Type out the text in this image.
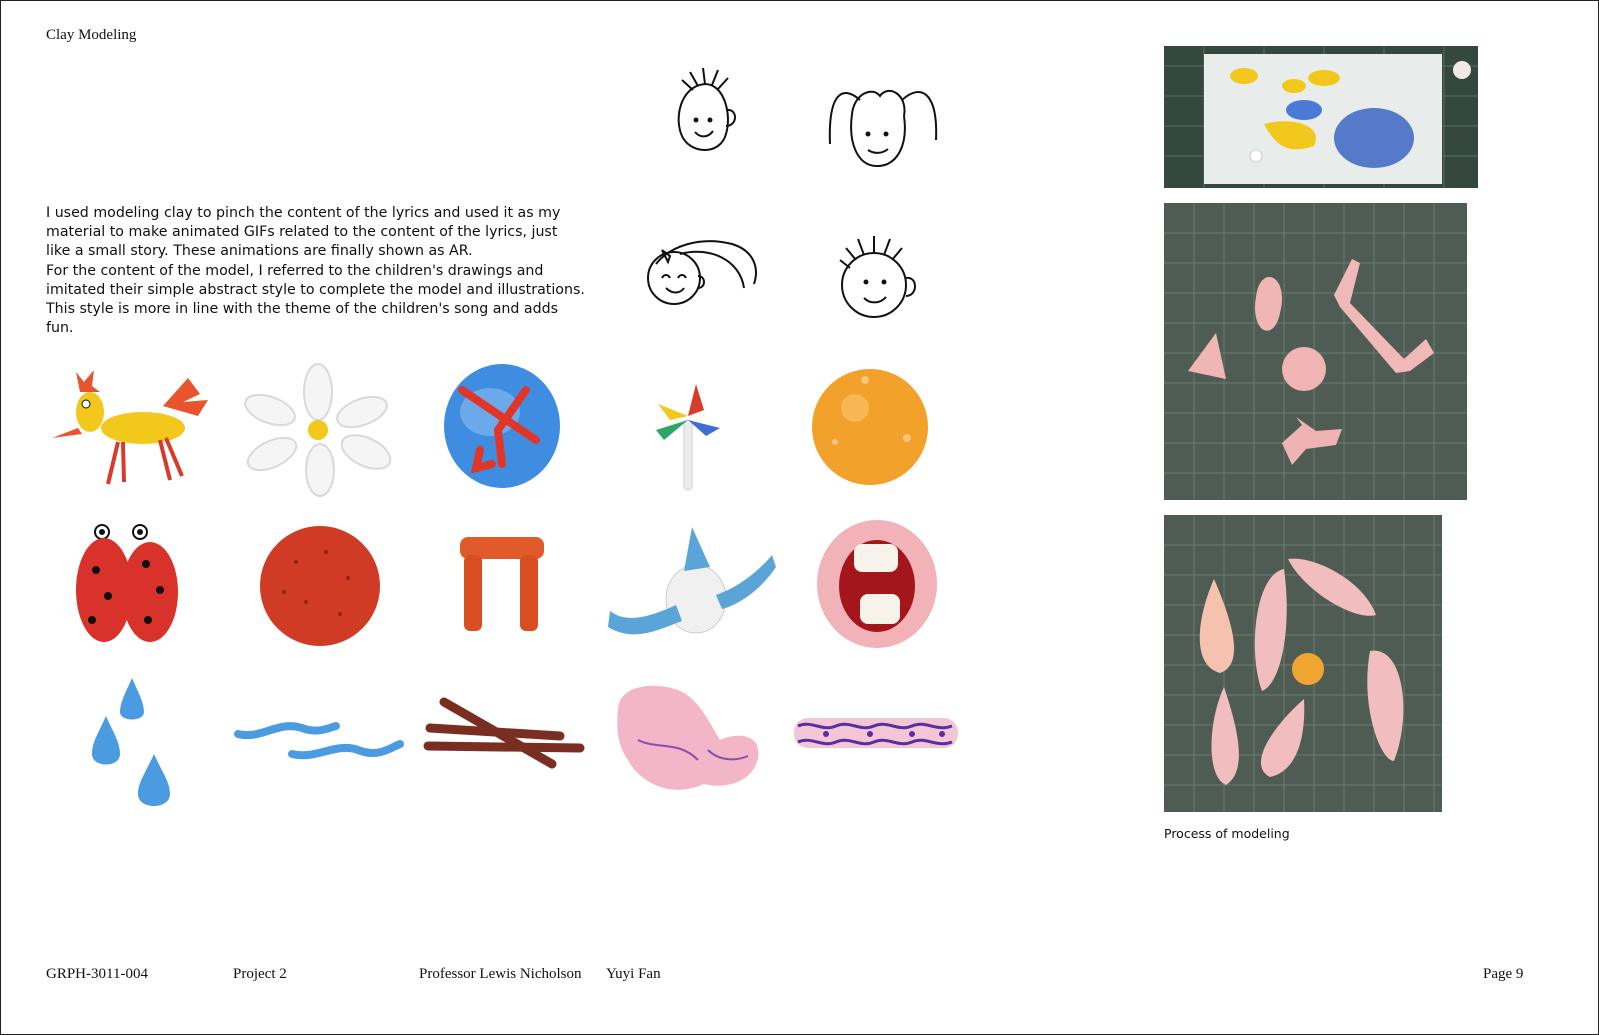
Clay Modeling

I used modeling clay to pinch the content of the lyrics and used it as my material to make animated GIFs related to the content of the lyrics, just like a small story. These animations are finally shown as AR.

For the content of the model, I referred to the children's drawings and imitated their simple abstract style to complete the model and illustrations. This style is more in line with the theme of the children's song and adds fun.

Process of modeling
GRPH-3011-004	Project 2	Professor Lewis Nicholson Yuyi Fan	Page 9
